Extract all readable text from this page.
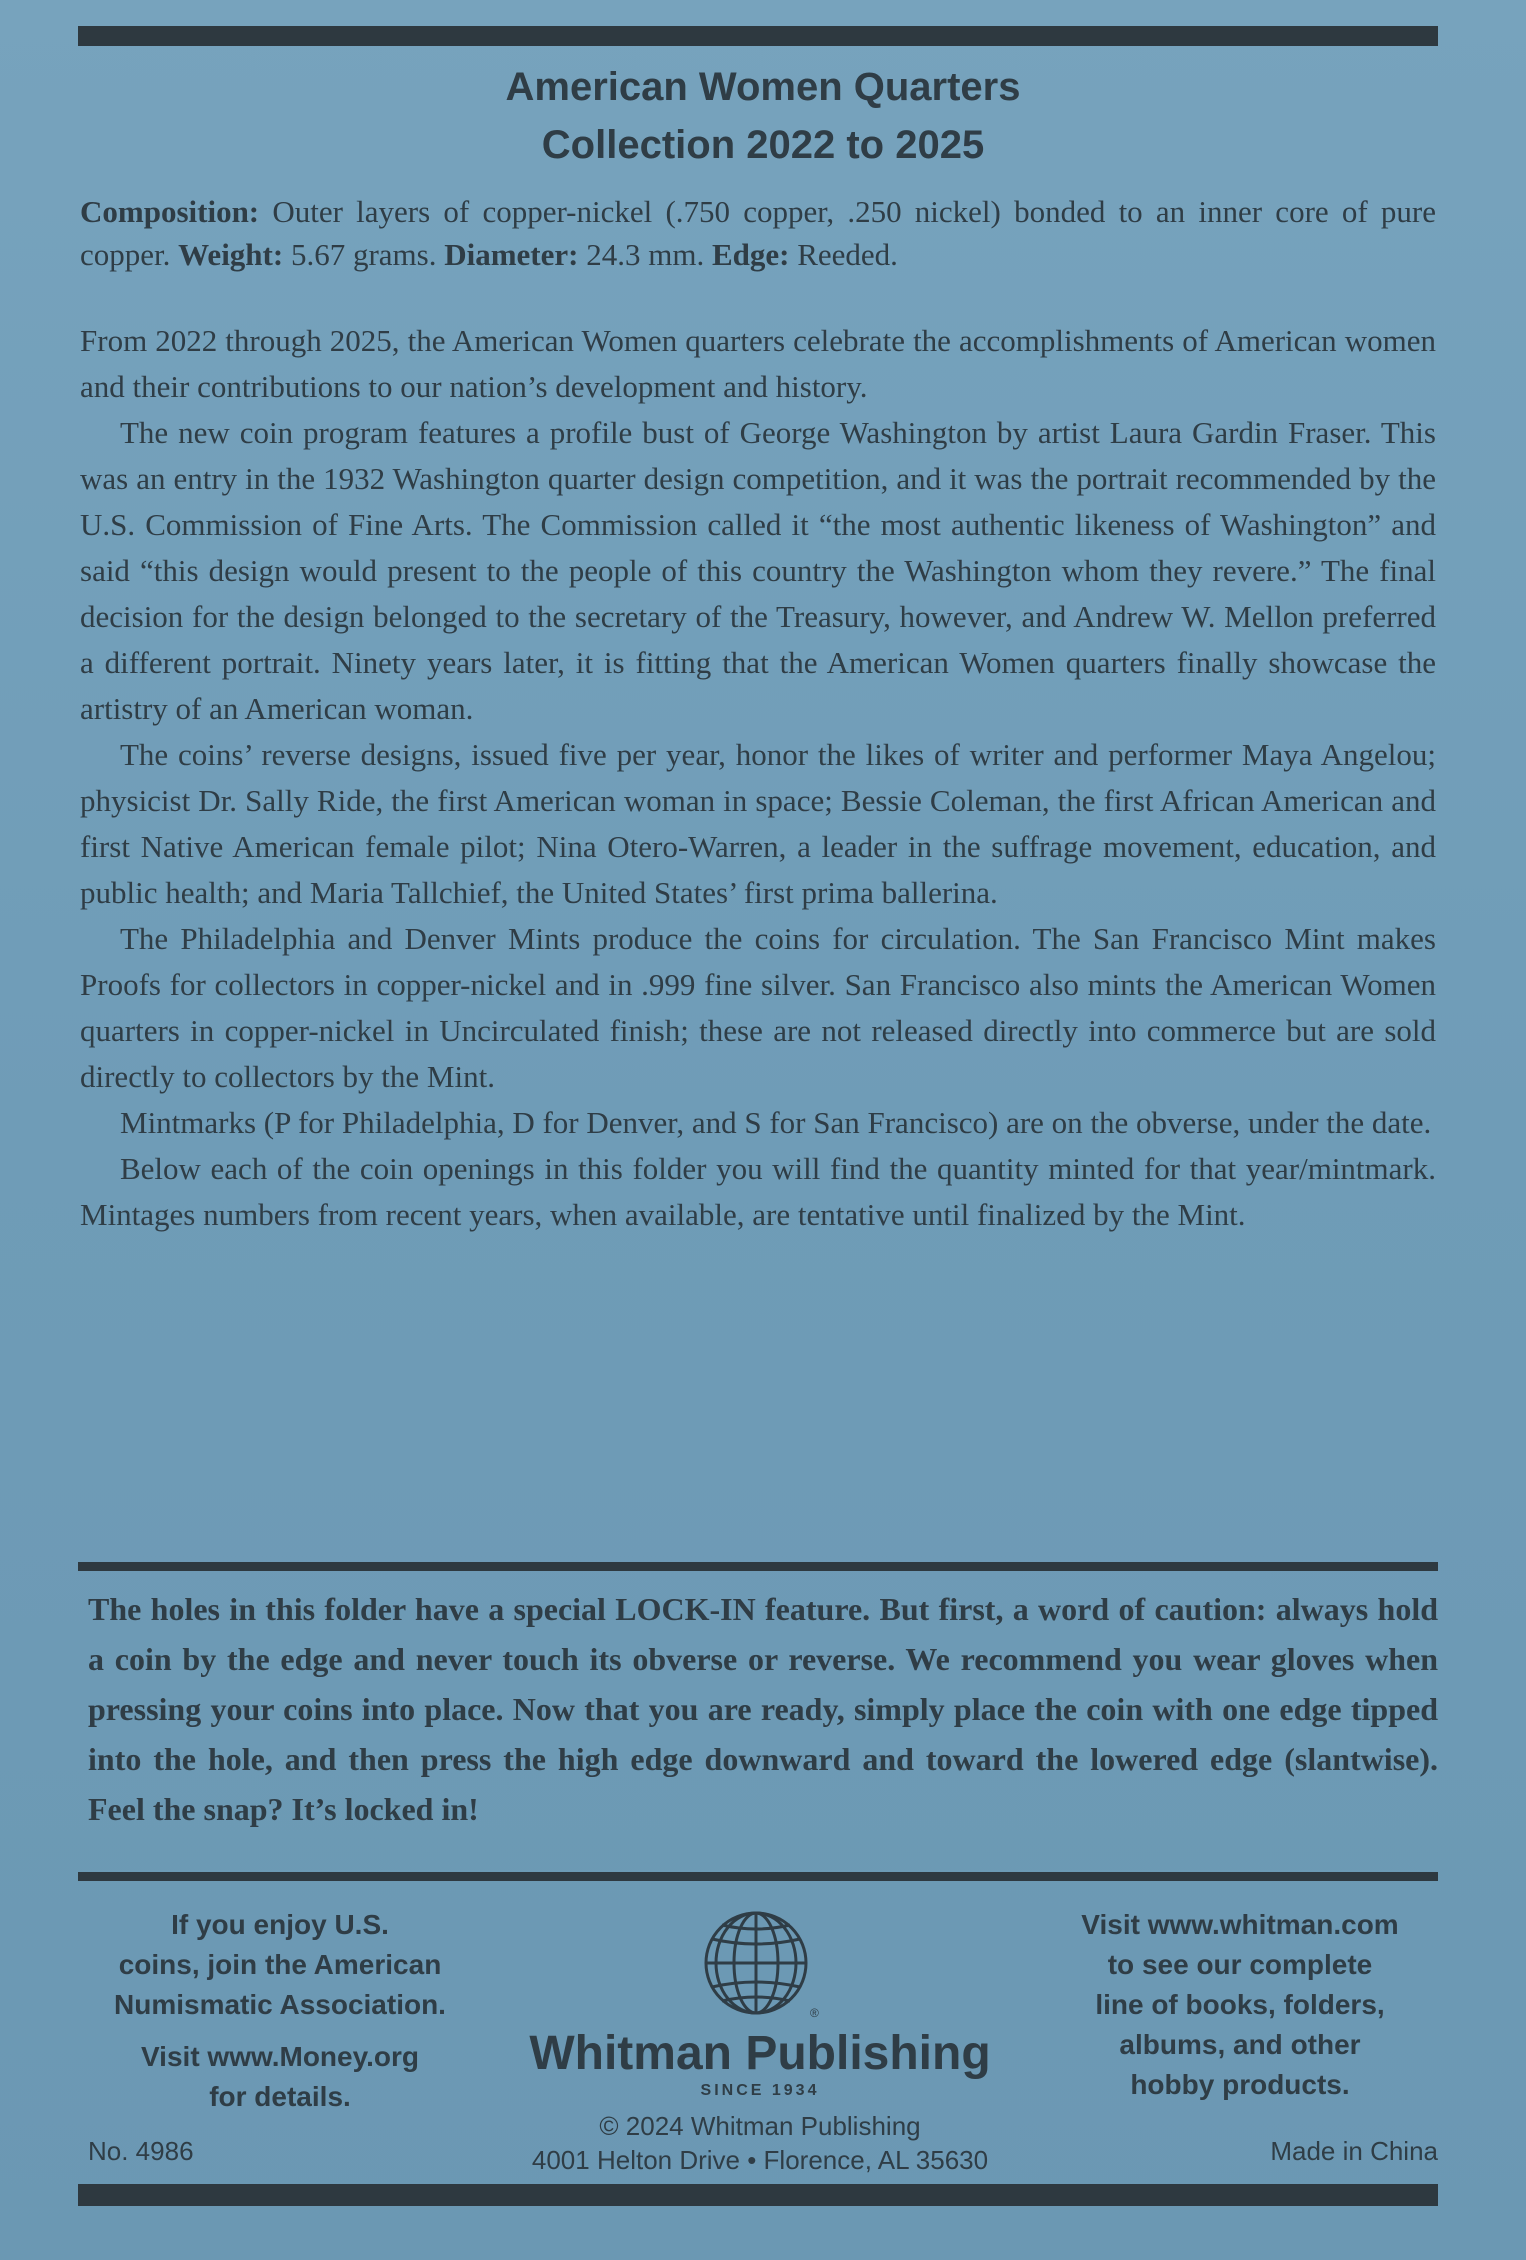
American Women Quarters
Collection 2022 to 2025
Composition: Outer layers of copper-nickel (.750 copper, .250 nickel) bonded to an inner core of pure copper. Weight: 5.67 grams. Diameter: 24.3 mm. Edge: Reeded.

From 2022 through 2025, the American Women quarters celebrate the accomplishments of American women and their contributions to our nation’s development and history.

The new coin program features a profile bust of George Washington by artist Laura Gardin Fraser. This was an entry in the 1932 Washington quarter design competition, and it was the portrait recommended by the U.S. Commission of Fine Arts. The Commission called it “the most authentic likeness of Washington” and said “this design would present to the people of this country the Washington whom they revere.” The final decision for the design belonged to the secretary of the Treasury, however, and Andrew W. Mellon preferred a different portrait. Ninety years later, it is fitting that the American Women quarters finally showcase the artistry of an American woman.

The coins’ reverse designs, issued five per year, honor the likes of writer and performer Maya Angelou; physicist Dr. Sally Ride, the first American woman in space; Bessie Coleman, the first African American and first Native American female pilot; Nina Otero-Warren, a leader in the suffrage movement, education, and public health; and Maria Tallchief, the United States’ first prima ballerina.

The Philadelphia and Denver Mints produce the coins for circulation. The San Francisco Mint makes Proofs for collectors in copper-nickel and in .999 fine silver. San Francisco also mints the American Women quarters in copper-nickel in Uncirculated finish; these are not released directly into commerce but are sold directly to collectors by the Mint.

Mintmarks (P for Philadelphia, D for Denver, and S for San Francisco) are on the obverse, under the date.

Below each of the coin openings in this folder you will find the quantity minted for that year/mintmark. Mintages numbers from recent years, when available, are tentative until finalized by the Mint.

The holes in this folder have a special LOCK-IN feature. But first, a word of caution: always hold a coin by the edge and never touch its obverse or reverse. We recommend you wear gloves when pressing your coins into place. Now that you are ready, simply place the coin with one edge tipped into the hole, and then press the high edge downward and toward the lowered edge (slantwise). Feel the snap? It’s locked in!
If you enjoy U.S.
coins, join the American
Numismatic Association.
Visit www.Money.org
for details.
®
Whitman Publishing
SINCE 1934
© 2024 Whitman Publishing
4001 Helton Drive • Florence, AL 35630
Visit www.whitman.com
to see our complete
line of books, folders,
albums, and other
hobby products.
No. 4986	Made in China
